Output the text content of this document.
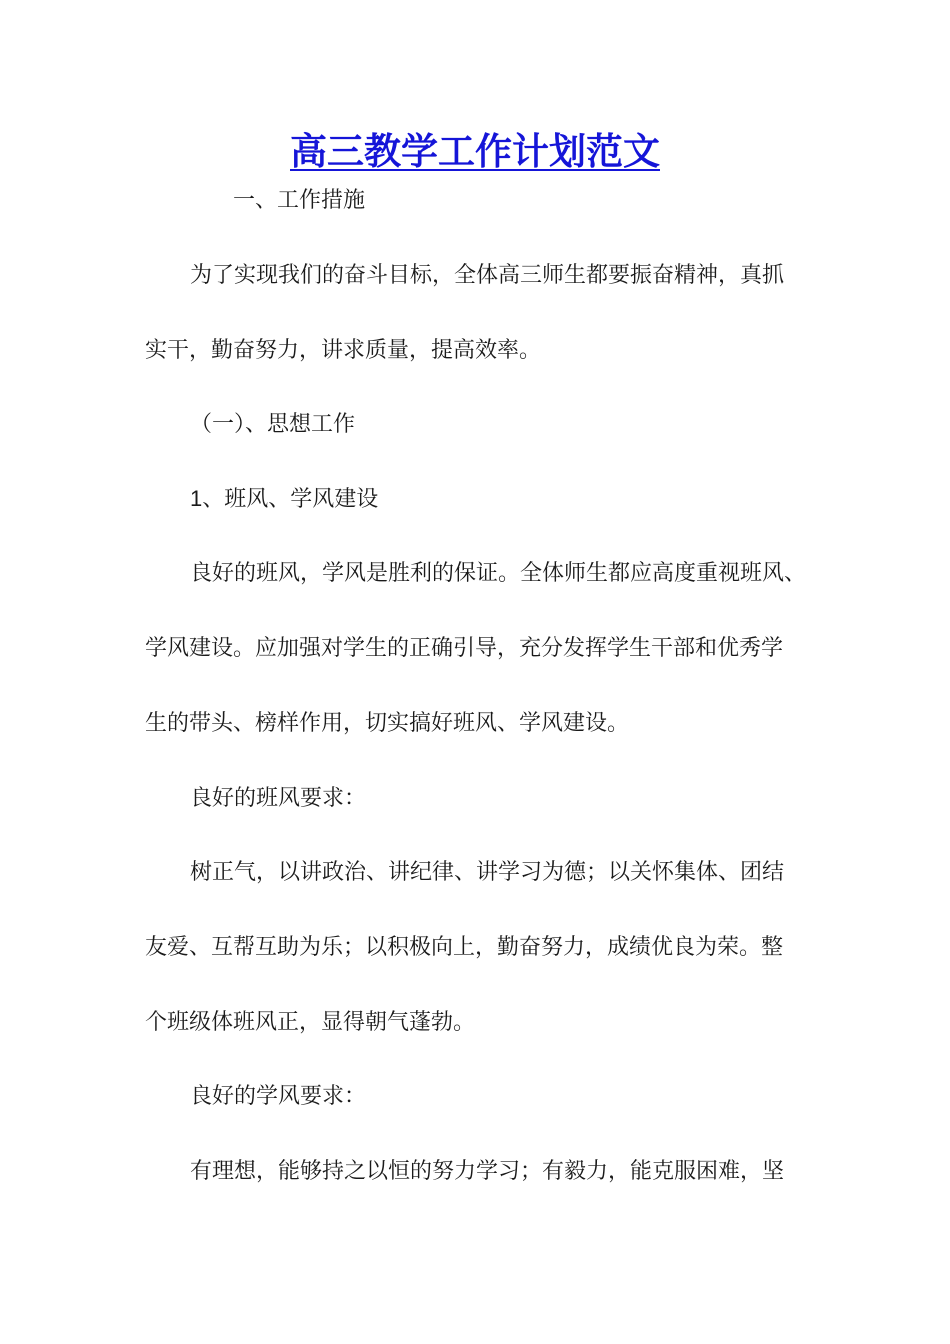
高三教学工作计划范文
一、工作措施
为了实现我们的奋斗目标，全体高三师生都要振奋精神，真抓
实干，勤奋努力，讲求质量，提高效率。
（一）、思想工作
1、班风、学风建设
良好的班风，学风是胜利的保证。全体师生都应高度重视班风、
学风建设。应加强对学生的正确引导，充分发挥学生干部和优秀学
生的带头、榜样作用，切实搞好班风、学风建设。
良好的班风要求：
树正气，以讲政治、讲纪律、讲学习为德；以关怀集体、团结
友爱、互帮互助为乐；以积极向上，勤奋努力，成绩优良为荣。整
个班级体班风正，显得朝气蓬勃。
良好的学风要求：
有理想，能够持之以恒的努力学习；有毅力，能克服困难，坚
